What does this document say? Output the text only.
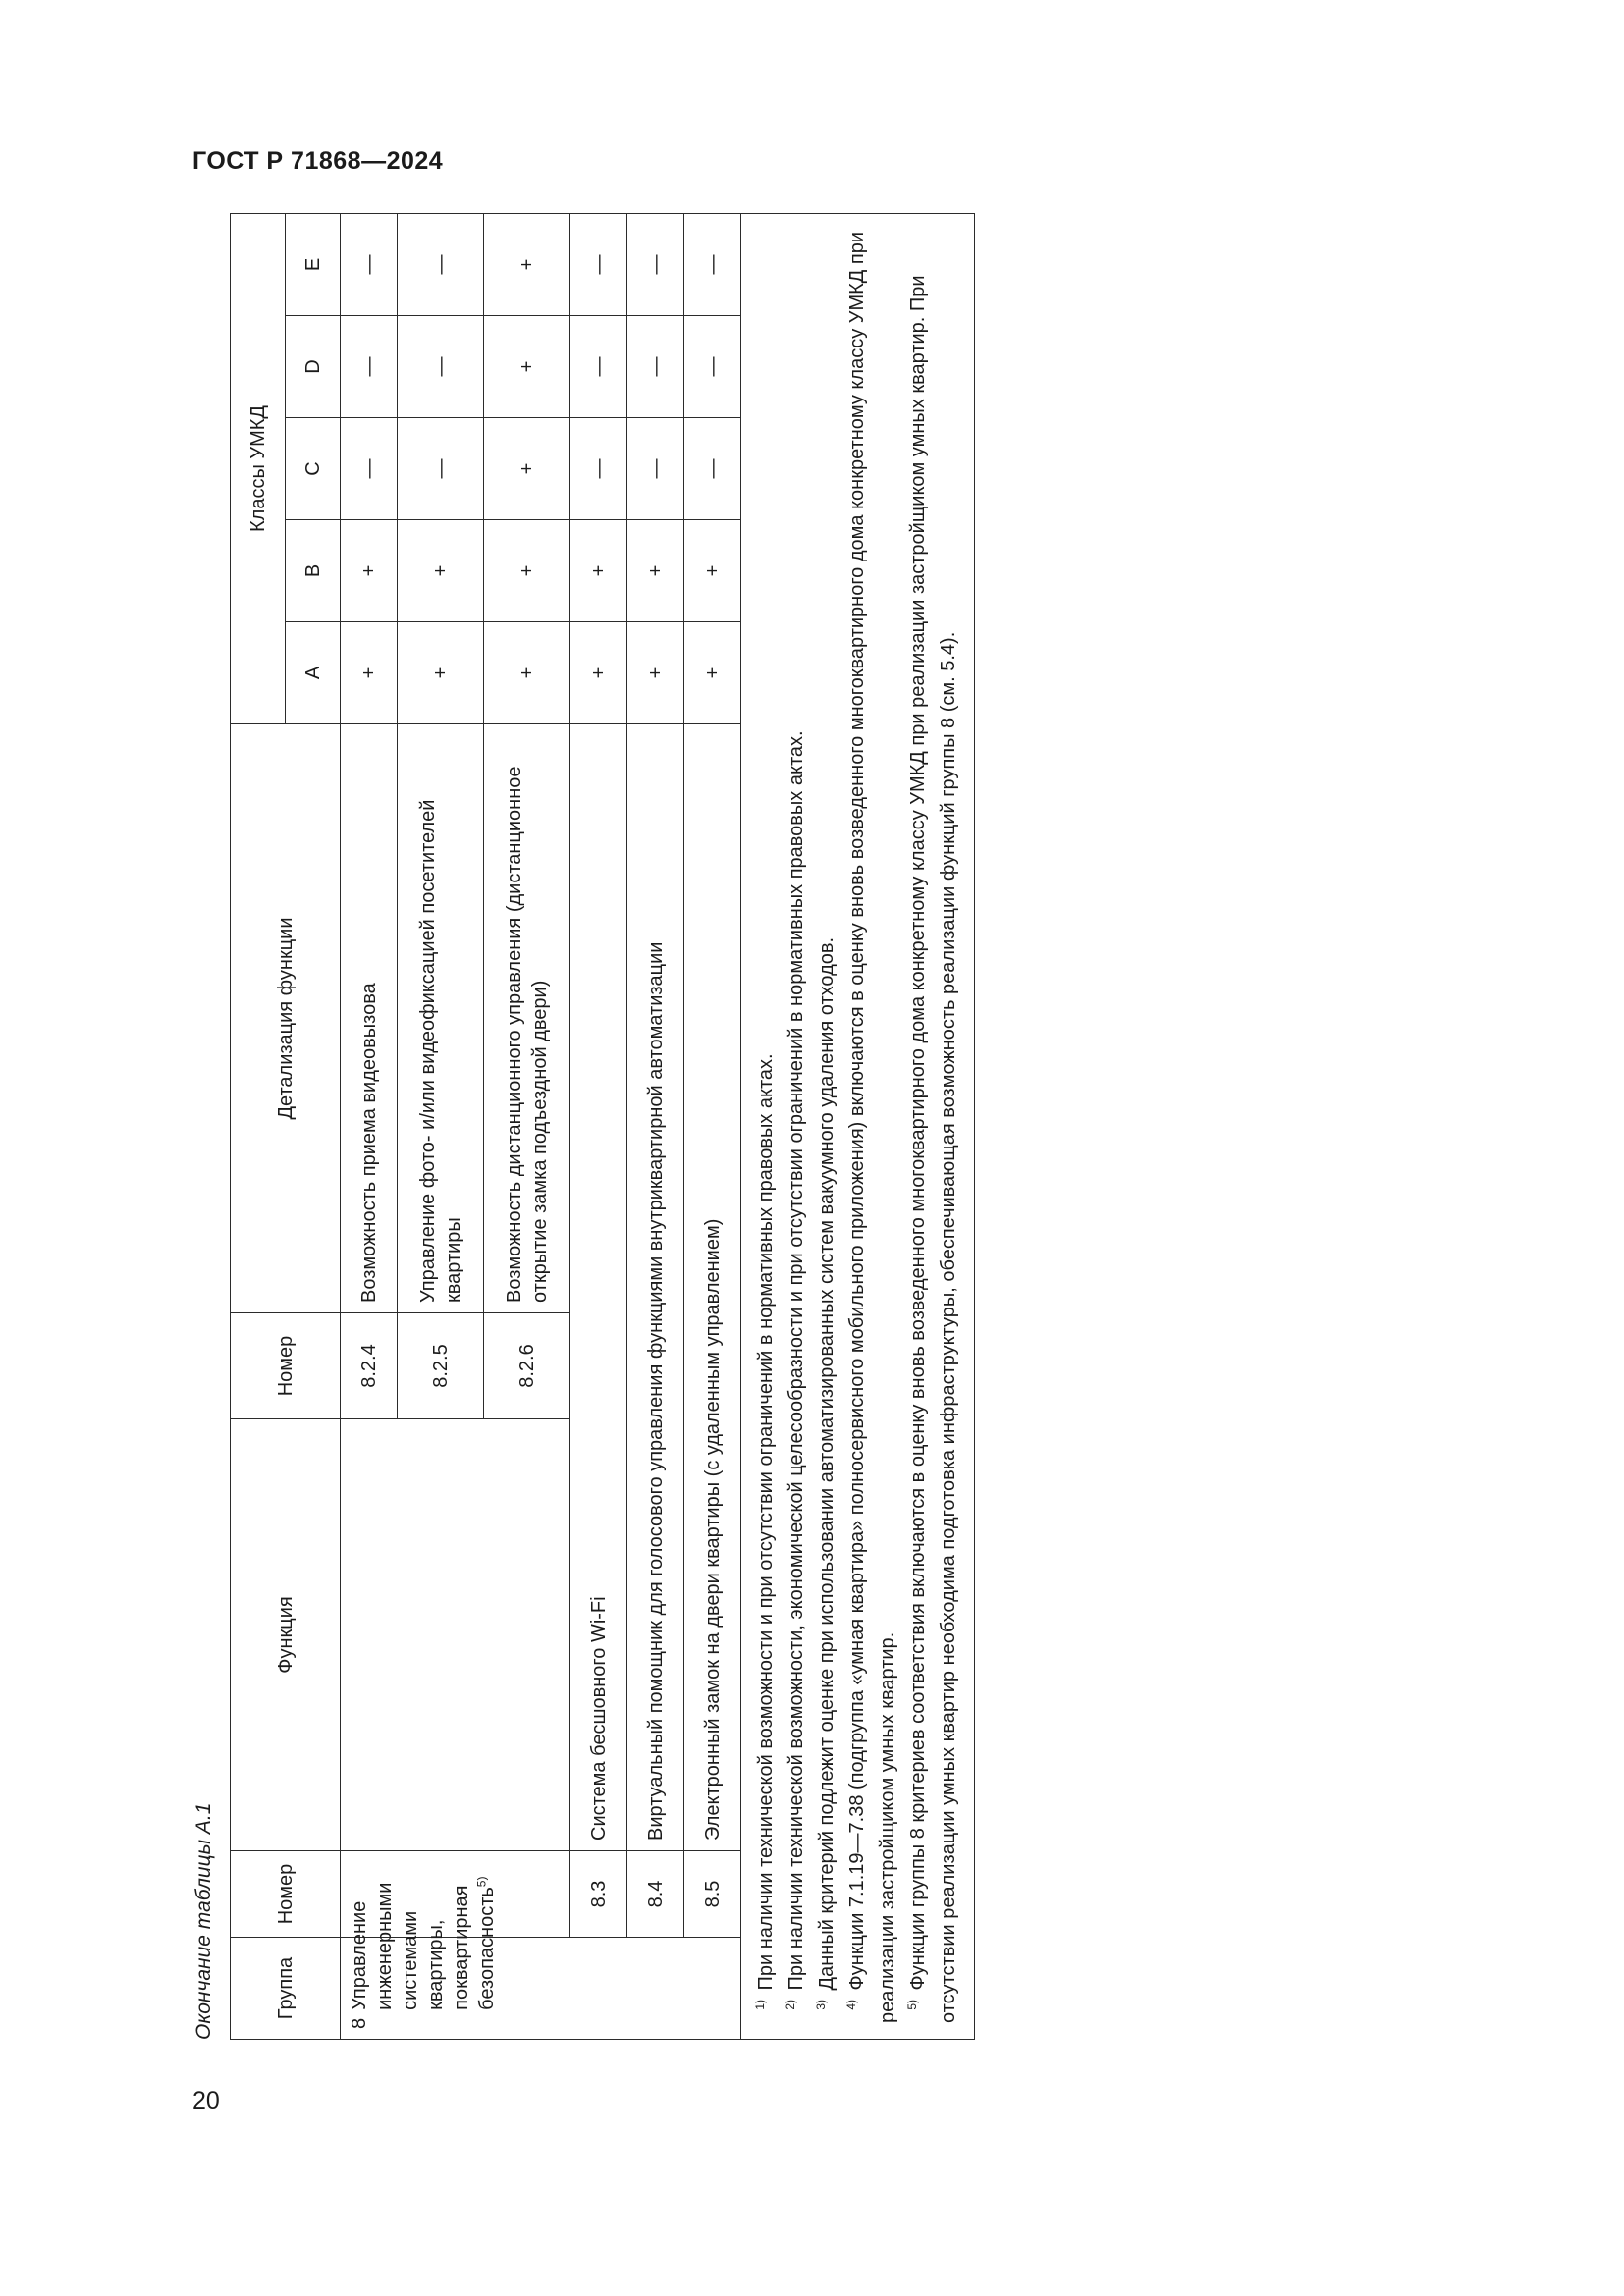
ГОСТ Р 71868—2024
20
Окончание таблицы А.1	Группа	Номер	Функция	Номер	Детализация функции	Классы УМКД				
					A	B	C	D	E

8
Управление инженерными системами квартиры, поквартирная безопасность$^{5)}$			8.2.4	Возможность приема видеовызова	+	+	—	—	—
			8.2.5	Управление фото- и/или видеофиксацией посетителей квартиры	+	+	—	—	—
			8.2.6	Возможность дистанционного управления (дистанционное открытие замка подъездной двери)	+	+	+	+	+
	8.3	Система бесшовного Wi-Fi			+	+	—	—	—
	8.4	Виртуальный помощник для голосового управления функциями внутриквартирной автоматизации			+	+	—	—	—
	8.5	Электронный замок на двери квартиры (с удаленным управлением)			+	+	—	—	—

$^{1)}$ При наличии технической возможности и при отсутствии ограничений в нормативных правовых актах.
$^{2)}$ При наличии технической возможности, экономической целесообразности и при отсутствии ограничений в нормативных правовых актах.
$^{3)}$ Данный критерий подлежит оценке при использовании автоматизированных систем вакуумного удаления отходов.
$^{4)}$ Функции 7.1.19—7.38 (подгруппа «умная квартира» полносервисного мобильного приложения) включаются в оценку вновь возведенного многоквартирного дома конкретному классу УМКД при реализации застройщиком умных квартир. $^{5)}$ Функции группы 8 критериев соответствия включаются в оценку вновь возведенного многоквартирного дома конкретному классу УМКД при реализации застройщиком умных квартир. При отсутствии реализации умных квартир необходима подготовка инфраструктуры, обеспечивающая возможность реализации функций группы 8 (см. 5.4).									
